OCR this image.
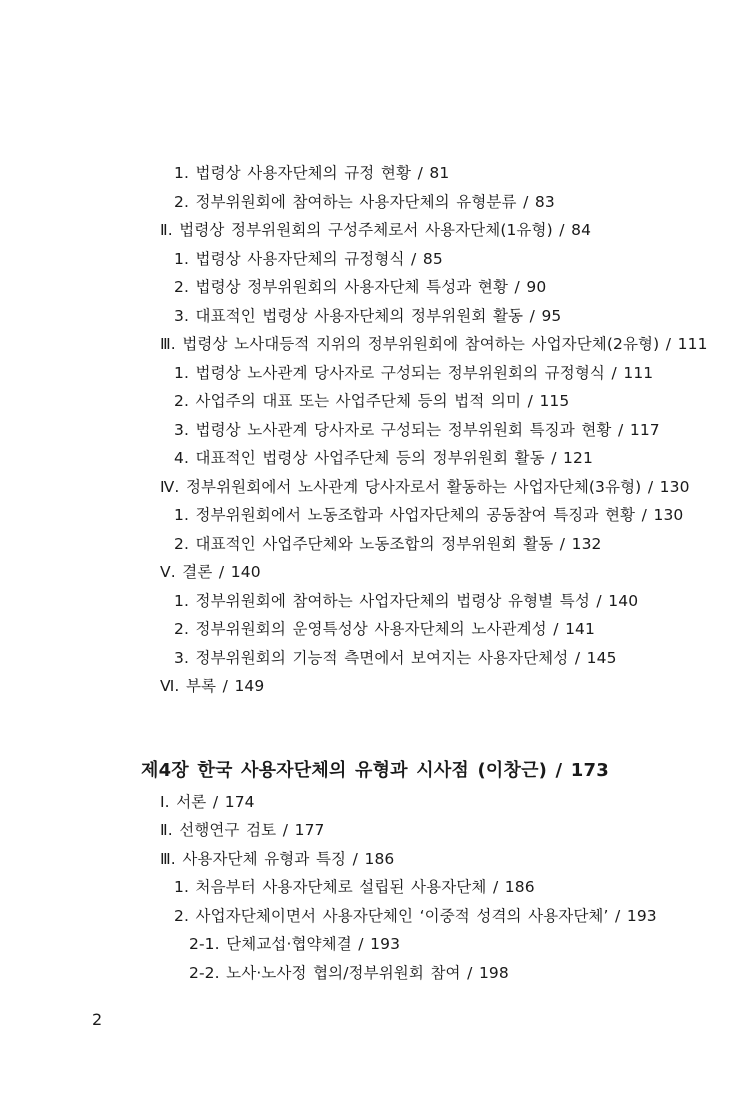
1. 법령상 사용자단체의 규정 현황 / 81
2. 정부위원회에 참여하는 사용자단체의 유형분류 / 83
Ⅱ. 법령상 정부위원회의 구성주체로서 사용자단체(1유형) / 84
1. 법령상 사용자단체의 규정형식 / 85
2. 법령상 정부위원회의 사용자단체 특성과 현황 / 90
3. 대표적인 법령상 사용자단체의 정부위원회 활동 / 95
Ⅲ. 법령상 노사대등적 지위의 정부위원회에 참여하는 사업자단체(2유형) / 111
1. 법령상 노사관계 당사자로 구성되는 정부위원회의 규정형식 / 111
2. 사업주의 대표 또는 사업주단체 등의 법적 의미 / 115
3. 법령상 노사관계 당사자로 구성되는 정부위원회 특징과 현황 / 117
4. 대표적인 법령상 사업주단체 등의 정부위원회 활동 / 121
Ⅳ. 정부위원회에서 노사관계 당사자로서 활동하는 사업자단체(3유형) / 130
1. 정부위원회에서 노동조합과 사업자단체의 공동참여 특징과 현황 / 130
2. 대표적인 사업주단체와 노동조합의 정부위원회 활동 / 132
Ⅴ. 결론 / 140
1. 정부위원회에 참여하는 사업자단체의 법령상 유형별 특성 / 140
2. 정부위원회의 운영특성상 사용자단체의 노사관계성 / 141
3. 정부위원회의 기능적 측면에서 보여지는 사용자단체성 / 145
Ⅵ. 부록 / 149
제4장 한국 사용자단체의 유형과 시사점 (이창근) / 173
Ⅰ. 서론 / 174
Ⅱ. 선행연구 검토 / 177
Ⅲ. 사용자단체 유형과 특징 / 186
1. 처음부터 사용자단체로 설립된 사용자단체 / 186
2. 사업자단체이면서 사용자단체인 ‘이중적 성격의 사용자단체’ / 193
2-1. 단체교섭·협약체결 / 193
2-2. 노사·노사정 협의/정부위원회 참여 / 198
2
